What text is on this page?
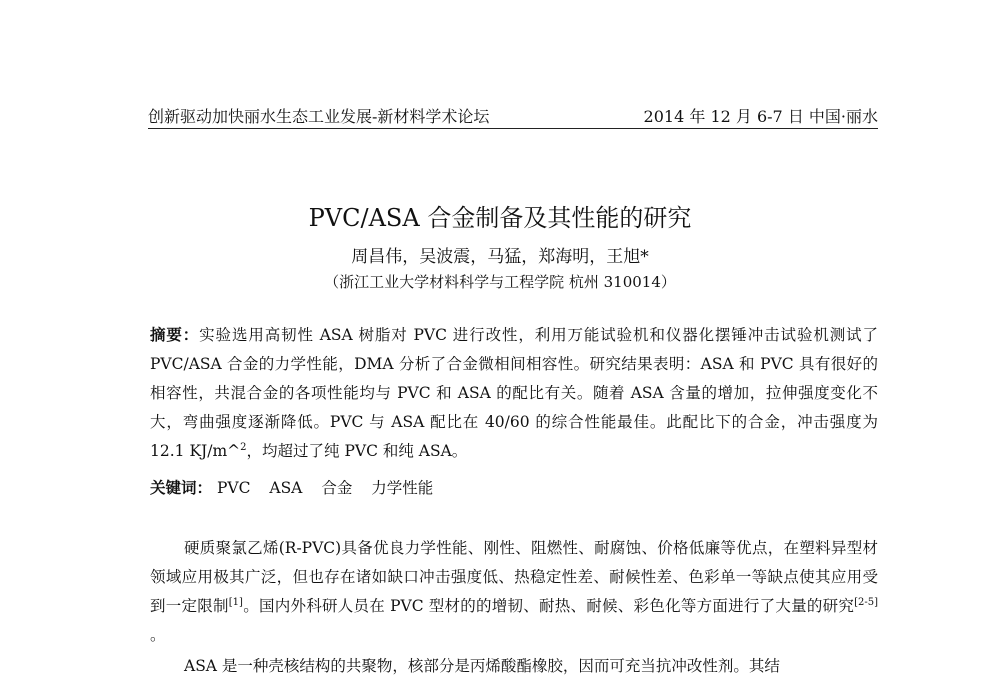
创新驱动加快丽水生态工业发展-新材料学术论坛	2014 年 12 月 6-7 日 中国·丽水
PVC/ASA 合金制备及其性能的研究
周昌伟，吴波震，马猛，郑海明，王旭*
（浙江工业大学材料科学与工程学院 杭州 310014）
摘要：实验选用高韧性 ASA 树脂对 PVC 进行改性，利用万能试验机和仪器化摆锤冲击试验机测试了 PVC/ASA 合金的力学性能，DMA 分析了合金微相间相容性。研究结果表明：ASA 和 PVC 具有很好的相容性，共混合金的各项性能均与 PVC 和 ASA 的配比有关。随着 ASA 含量的增加，拉伸强度变化不大，弯曲强度逐渐降低。PVC 与 ASA 配比在 40/60 的综合性能最佳。此配比下的合金，冲击强度为 12.1 KJ/m^$^2$，均超过了纯 PVC 和纯 ASA。
关键词： PVC ASA 合金 力学性能
硬质聚氯乙烯(R-PVC)具备优良力学性能、刚性、阻燃性、耐腐蚀、价格低廉等优点，在塑料异型材领域应用极其广泛，但也存在诸如缺口冲击强度低、热稳定性差、耐候性差、色彩单一等缺点使其应用受到一定限制[1]。国内外科研人员在 PVC 型材的的增韧、耐热、耐候、彩色化等方面进行了大量的研究[2-5] 。
ASA 是一种壳核结构的共聚物，核部分是丙烯酸酯橡胶，因而可充当抗冲改性剂。其结
